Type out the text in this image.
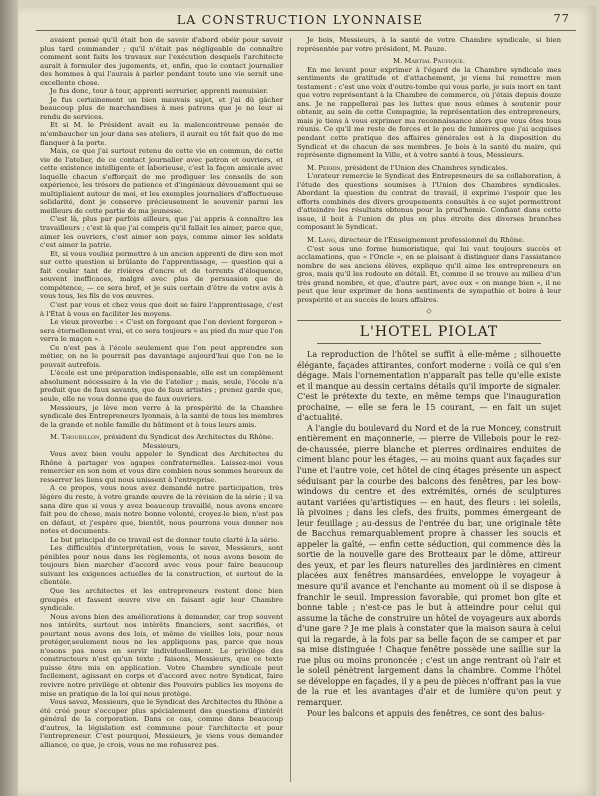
LA CONSTRUCTION LYONNAISE	77

avaient pensé qu'il était bon de savoir d'abord obéir pour savoir plus tard commander ; qu'il n'était pas négligeable de connaître comment sont faits les travaux sur l'exécution desquels l'architecte aurait à formuler des jugements, et, enfin, que le contact journalier des hommes à qui l'aurais à parler pendant toute une vie serait une excellente chose.

Je fus donc, tour à tour, apprenti serrurier, apprenti menuisier.

Je fus certainement un bien mauvais sujet, et j'ai dû gâcher beaucoup plus de marchandises à mes patrons que je ne leur ai rendu de services.

Et si M. le Président avait eu la malencontreuse pensée de m'embaucher un jour dans ses ateliers, il aurait eu tôt fait que de me flanquer à la porte.

Mais, ce que j'ai surtout retenu de cette vie en commun, de cette vie de l'atelier, de ce contact journalier avec patron et ouvriers, et cette existence intelligente et laborieuse, c'est la façon amicale avec laquelle chacun s'efforçait de me prodiguer les conseils de son expérience, les trésors de patience et d'ingénieux dévouement qui se multipliaient autour de moi, et les exemples journaliers d'affectueuse solidarité, dont je conserve précieusement le souvenir parmi les meilleurs de cette partie de ma jeunesse.

C'est là, plus par parfois ailleurs, que j'ai appris à connaître les travailleurs ; c'est là que j'ai compris qu'il fallait les aimer, parce que, aimer les ouvriers, c'est aimer son pays, comme aimer les soldats c'est aimer la patrie.

Et, si vous vouliez permettre à un ancien apprenti de dire son mot sur cette question si brûlante de l'apprentissage, — question qui a fait couler tant de rivières d'encre et de torrents d'éloquence, souvent inefficaces, malgré avec plus de persuasion que de compétence, — ce sera bref, et je suis certain d'être de votre avis à vous tous, les fils de vos œuvres.

C'est par vous et chez vous que doit se faire l'apprentissage, c'est à l'État à vous en faciliter les moyens.

Le vieux proverbe : « C'est en forgeant que l'on devient forgeron » sera éternellement vrai, et ce sera toujours « au pied du mur que l'on verra le maçon ».

Ce n'est pas à l'école seulement que l'on peut apprendre son métier, on ne le pourrait pas davantage aujourd'hui que l'on ne le pouvait autrefois.

L'école est une préparation indispensable, elle est un complément absolument nécessaire à la vie de l'atelier ; mais, seule, l'école n'a produit que de faux savants, que de faux artistes ; prenez garde que, seule, elle ne vous donne que de faux ouvriers.

Messieurs, je lève mon verre à la prospérité de la Chambre syndicale des Entrepreneurs lyonnais, à la santé de tous les membres de la grande et noble famille du bâtiment et à tous leurs amis.

M. Thoubillon, président du Syndicat des Architectes du Rhône.

Messieurs,

Vous avez bien voulu appeler le Syndicat des Architectes du Rhône à partager vos agapes confraternelles. Laissez-moi vous remercier en son nom et vous dire combien nous sommes heureux de resserrer les liens qui nous unissent à l'entreprise.

A ce propos, vous nous avez demandé notre participation, très légère du reste, à votre grande œuvre de la révision de la série ; il va sans dire que si vous y avez beaucoup travaillé, nous avons encore fait peu de chose, mais notre bonne volonté, croyez-le bien, n'est pas en défaut, et j'espère que, bientôt, nous pourrons vous donner nos notes et documents.

Le but principal de ce travail est de donner toute clarté à la série.

Les difficultés d'interprétation, vous le savez, Messieurs, sont pénibles pour nous dans les règlements, et nous avons besoin de toujours bien marcher d'accord avec vous pour faire beaucoup suivant les exigences actuelles de la construction, et surtout de la clientèle.

Que les architectes et les entrepreneurs restent donc bien groupés et fassent œuvre vive en faisant agir leur Chambre syndicale.

Nous avons bien des améliorations à demander, car trop souvent nos intérêts, surtout nos intérêts financiers, sont sacrifiés, et pourtant nous avons des lois, et même de vieilles lois, pour nous protéger,seulement nous ne les appliquons pas, parce que nous n'osons pas nous en servir individuellement. Le privilège des constructeurs n'est qu'un texte ; faisons, Messieurs, que ce texte puisse être mis en application. Votre Chambre syndicale peut facilement, agissant en corps et d'accord avec notre Syndicat, faire revivre notre privilège et obtenir des Pouvoirs publics les moyens de mise en pratique de la loi qui nous protège.

Vous savez, Messieurs, que le Syndicat des Architectes du Rhône a été créé pour s'occuper plus spécialement des questions d'intérêt général de la corporation. Dans ce cas, comme dans beaucoup d'autres, la législation est commune pour l'architecte et pour l'entrepreneur. C'est pourquoi, Messieurs, je viens vous demander alliance, ce que, je crois, vous ne me refuserez pas.

Je bois, Messieurs, à la santé de votre Chambre syndicale, si bien représentée par votre président, M. Pauze.

M. Martial Paufique.

En me levant pour exprimer à l'égard de la Chambre syndicale mes sentiments de gratitude et d'attachement, je viens lui remettre mon testament : c'est une voix d'outre-tombe qui vous parle, je suis mort en tant que votre représentant à la Chambre de commerce, où j'étais depuis douze ans. Je ne rappellerai pas les luttes que nous eûmes à soutenir pour obtenir, au sein de cette Compagnie, la représentation des entrepreneurs, mais je tiens à vous exprimer ma reconnaissance alors que vous êtes tous réunis. Ce qu'il me reste de forces et le peu de lumières que j'ai acquises pendant cette pratique des affaires générales est à la disposition du Syndicat et de chacun de ses membres. Je bois à la santé du maire, qui représente dignement la Ville, et à votre santé à tous, Messieurs.

M. Perrin, président de l'Union des Chambres syndicales.

L'orateur remercie le Syndicat des Entrepreneurs de sa collaboration, à l'étude des questions soumises à l'Union des Chambres syndicales. Abordant la question du contrat de travail, il exprime l'espoir que les efforts combinés des divers groupements consultés à ce sujet permettront d'atteindre les résultats obtenus pour la prud'homie. Confiant dans cette issue, il boit à l'union de plus en plus étroite des diverses branches composant le Syndicat.

M. Lang, directeur de l'Enseignement professionnel du Rhône.

C'est sous une forme humoristique, qui lui vaut toujours succès et acclamations, que « l'Oncle », en se plaisant à distinguer dans l'assistance nombre de ses anciens élèves, explique qu'il aime les entrepreneurs en gros, mais qu'il les redoute en détail. Et, comme il se trouve au milieu d'un très grand nombre, et que, d'autre part, avec eux « on mange bien », il ne peut que leur exprimer de bons sentiments de sympathie et boire à leur prospérité et au succès de leurs affaires.

◇
L'HOTEL PIOLAT

La reproduction de l'hôtel se suffit à elle-même ; silhouette élégante, façades attirantes, confort moderne : voilà ce qui s'en dégage. Mais l'ornementation n'apparaît pas telle qu'elle existe et il manque au dessin certains détails qu'il importe de signaler. C'est le prétexte du texte, en même temps que l'inauguration prochaine, — elle se fera le 15 courant, — en fait un sujet d'actualité.

A l'angle du boulevard du Nord et de la rue Moncey, construit entièrement en maçonnerie, — pierre de Villebois pour le rez-de-chaussée, pierre blanche et pierres ordinaires enduites de ciment blanc pour les étages, — au moins quant aux façades sur l'une et l'autre voie, cet hôtel de cinq étages présente un aspect séduisant par la courbe des balcons des fenêtres, par les bow-windows du centre et des extrémités, ornés de sculptures autant variées qu'artistiques — en haut, des fleurs : iei soleils, là pivoines ; dans les clefs, des fruits, pommes émergeant de leur feuillage ; au-dessus de l'entrée du bar, une originale tête de Bacchus remarquablement propre à chasser les soucis et appeler la gaîté, — enfin cette séduction, qui commence dès la sortie de la nouvelle gare des Brotteaux par le dôme, attireur des yeux, et par les fleurs naturelles des jardinières en ciment placées aux fenêtres mansardées, enveloppe le voyageur à mesure qu'il avance et l'enchante au moment où il se dispose à franchir le seuil. Impression favorable, qui promet bon gîte et bonne table ; n'est-ce pas le but à atteindre pour celui qui assume la tâche de construire un hôtel de voyageurs aux abords d'une gare ? Je me plais à constater que la maison saura à celui qui la regarde, à la fois par sa belle façon de se camper et par sa mise distinguée ! Chaque fenêtre possède une saillie sur la rue plus ou moins prononcée ; c'est un ange rentrant où l'air et le soleil pénètrent largement dans la chambre. Comme l'hôtel se développe en façades, il y a peu de pièces n'offrant pas la vue de la rue et les avantages d'air et de lumière qu'on peut y remarquer.

Pour les balcons et appuis des fenêtres, ce sont des balus-
